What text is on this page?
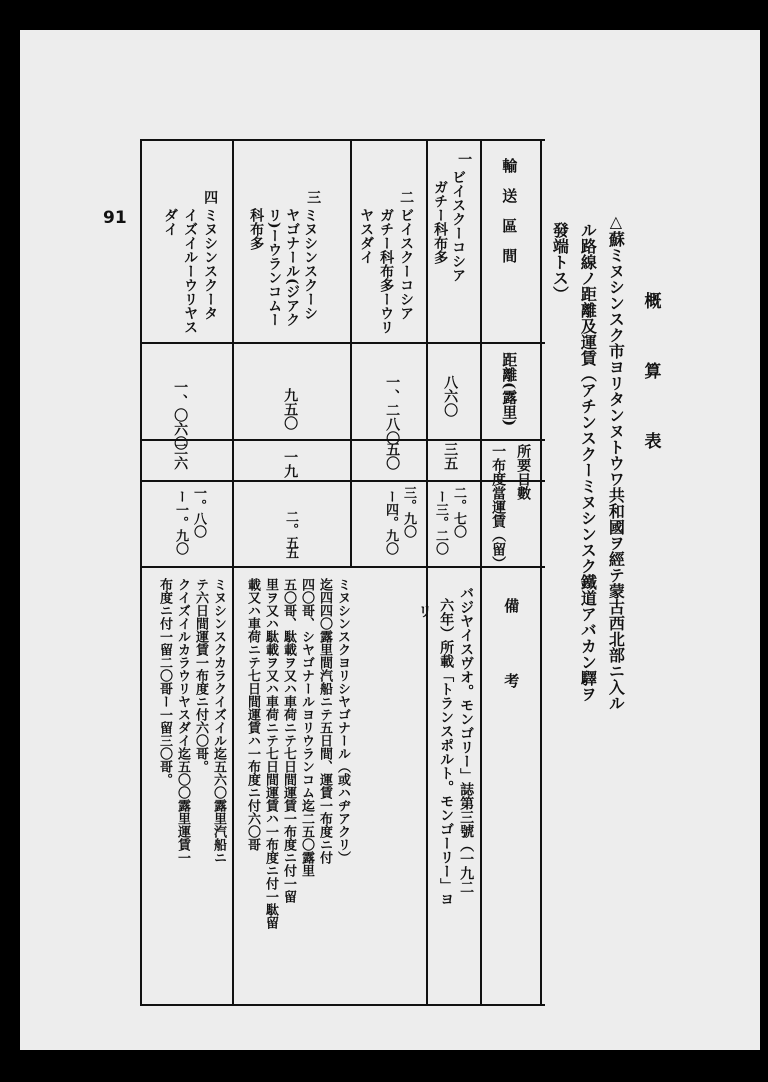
91
概　算　表
△蘇ミヌシンスク市ヨリタンヌトウワ共和國ヲ經テ蒙古西北部ニ入ル
ル路線ノ距離及運賃（アチンスクーミヌシンスク鐵道アバカン驛ヲ
發端トス）
輸　送　區　間
距離(露里)
所要日數
一布度當運賃（留）
備　　　　考
一
ビイスクーコシア
ガチー科布多
八六〇
三五
二。七〇
ー三。二〇
二
ビイスクーコシア
ガチー科布多ーウリ
ヤスダイ
一、二八〇
五〇
三。九〇
ー四。九〇
バジヤイスヴオ。モンゴリー」誌第三號（一九二
六年）所載「トランスポルト。モンゴーリー」ヨ
リ
三
ミヌシンスクーシ
ヤゴナール(ジアク
リ)ーウランコムー
科布多
九五〇
一九
二。五
五
ミヌシンスクヨリシヤゴナール（或ハヂアクリ）
迄四四〇露里間汽船ニテ五日間、運賃一布度ニ付
四〇哥、シヤゴナールヨリウランコム迄二五〇露里
五〇哥、駄載ヲ又ハ車荷ニテ七日間運賃一布度ニ付一留
里ヲ又ハ駄載ヲ又ハ車荷ニテ七日間運賃ハ一布度ニ付一駄留
載又ハ車荷ニテ七日間運賃ハ一布度ニ付六〇哥
四
ミヌシンスクータ
イズイルーウリヤス
ダイ
一、〇六〇
二六
一。八〇
ー一。九〇
ミヌシンスクカラクイズイル迄五六〇露里汽船ニ
テ六日間運賃一布度ニ付六〇哥。
クイズイルカラウリヤスダイ迄五〇〇露里運賃一
布度ニ付一留二〇哥ー一留三〇哥。
